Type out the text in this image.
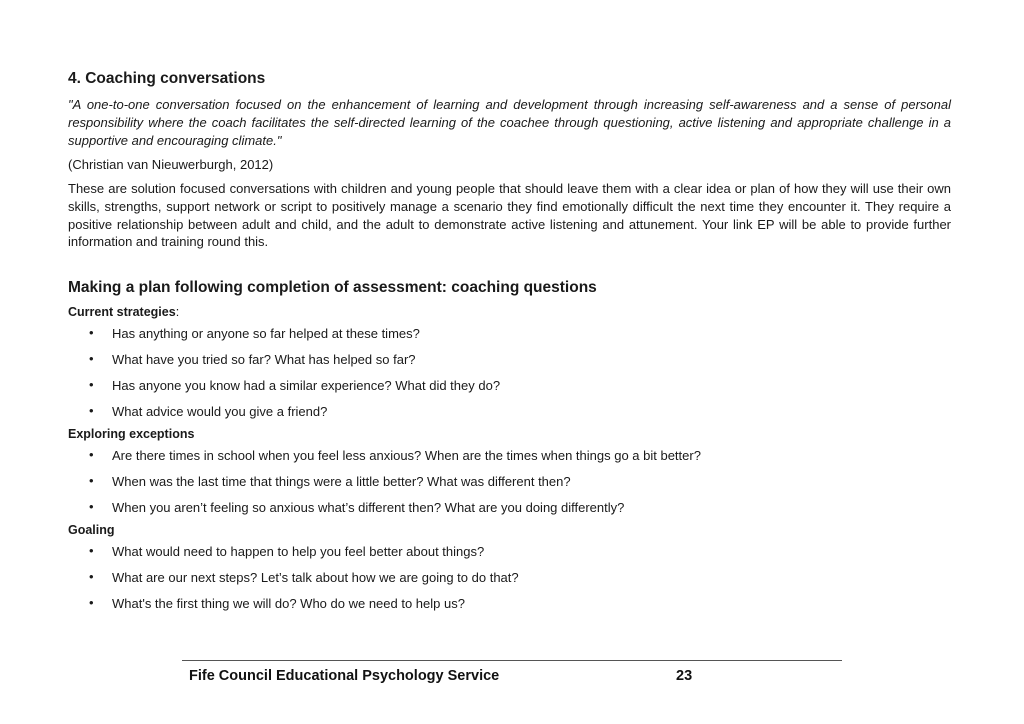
4. Coaching conversations

"A one-to-one conversation focused on the enhancement of learning and development through increasing self-awareness and a sense of personal responsibility where the coach facilitates the self-directed learning of the coachee through questioning, active listening and appropriate challenge in a supportive and encouraging climate."

(Christian van Nieuwerburgh, 2012)

These are solution focused conversations with children and young people that should leave them with a clear idea or plan of how they will use their own skills, strengths, support network or script to positively manage a scenario they find emotionally difficult the next time they encounter it. They require a positive relationship between adult and child, and the adult to demonstrate active listening and attunement. Your link EP will be able to provide further information and training round this.

Making a plan following completion of assessment: coaching questions

Current strategies:

• Has anything or anyone so far helped at these times?
• What have you tried so far? What has helped so far?
• Has anyone you know had a similar experience? What did they do?
• What advice would you give a friend?

Exploring exceptions

• Are there times in school when you feel less anxious? When are the times when things go a bit better?
• When was the last time that things were a little better? What was different then?
• When you aren’t feeling so anxious what’s different then? What are you doing differently?

Goaling

• What would need to happen to help you feel better about things?
• What are our next steps? Let’s talk about how we are going to do that?
• What's the first thing we will do? Who do we need to help us?
Fife Council Educational Psychology Service	23
